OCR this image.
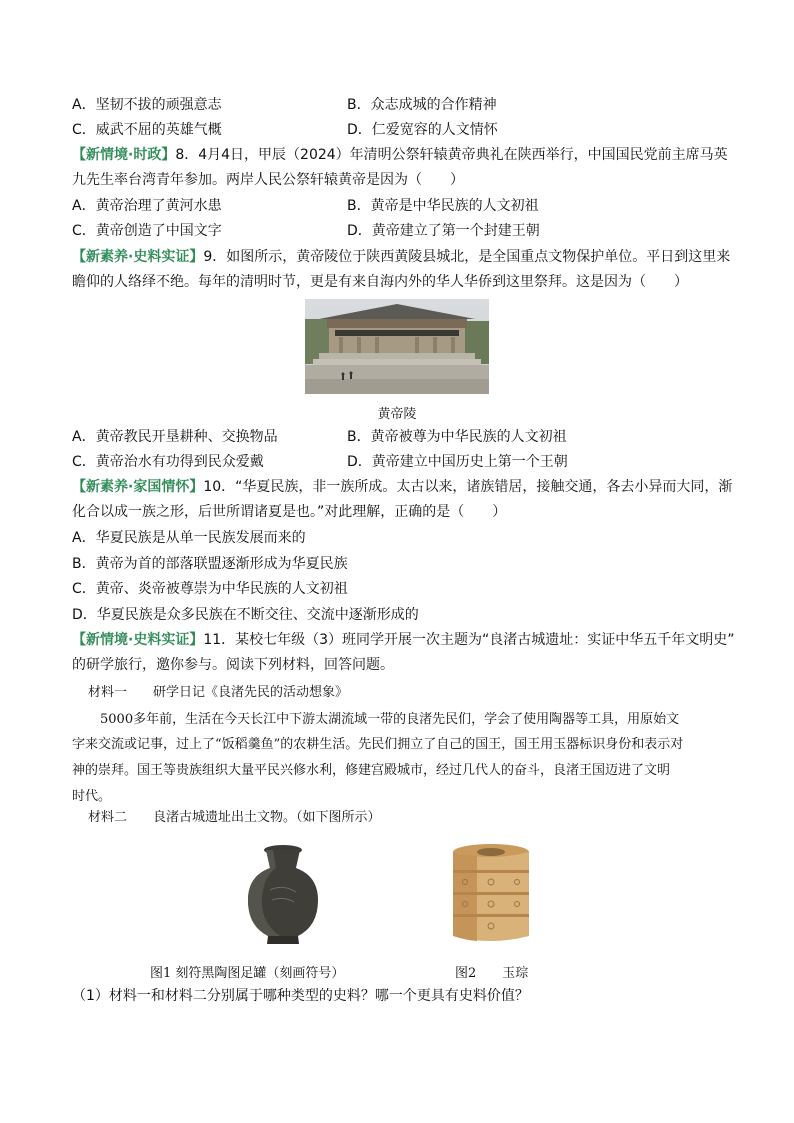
A．坚韧不拔的顽强意志	B．众志成城的合作精神
C．威武不屈的英雄气概	D．仁爱宽容的人文情怀
【新情境·时政】8．4月4日，甲辰（2024）年清明公祭轩辕黄帝典礼在陕西举行，中国国民党前主席马英
九先生率台湾青年参加。两岸人民公祭轩辕黄帝是因为（　　）
A．黄帝治理了黄河水患	B．黄帝是中华民族的人文初祖
C．黄帝创造了中国文字	D．黄帝建立了第一个封建王朝
【新素养·史料实证】9．如图所示，黄帝陵位于陕西黄陵县城北，是全国重点文物保护单位。平日到这里来
瞻仰的人络绎不绝。每年的清明时节，更是有来自海内外的华人华侨到这里祭拜。这是因为（　　）
黄帝陵
A．黄帝教民开垦耕种、交换物品	B．黄帝被尊为中华民族的人文初祖
C．黄帝治水有功得到民众爱戴	D．黄帝建立中国历史上第一个王朝
【新素养·家国情怀】10．“华夏民族，非一族所成。太古以来，诸族错居，接触交通，各去小异而大同，渐
化合以成一族之形，后世所谓诸夏是也。”对此理解，正确的是（　　）
A．华夏民族是从单一民族发展而来的
B．黄帝为首的部落联盟逐渐形成为华夏民族
C．黄帝、炎帝被尊崇为中华民族的人文初祖
D．华夏民族是众多民族在不断交往、交流中逐渐形成的
【新情境·史料实证】11．某校七年级（3）班同学开展一次主题为“良渚古城遗址：实证中华五千年文明史”
的研学旅行，邀你参与。阅读下列材料，回答问题。
材料一　　研学日记《良渚先民的活动想象》
5000多年前，生活在今天长江中下游太湖流域一带的良渚先民们，学会了使用陶器等工具，用原始文
字来交流或记事，过上了“饭稻羹鱼”的农耕生活。先民们拥立了自己的国王，国王用玉器标识身份和表示对
神的崇拜。国王等贵族组织大量平民兴修水利，修建宫殿城市，经过几代人的奋斗，良渚王国迈进了文明
时代。
材料二　　良渚古城遗址出土文物。（如下图所示）
图1 刻符黑陶图足罐（刻画符号）	图2　　玉琮
（1）材料一和材料二分别属于哪种类型的史料？哪一个更具有史料价值？
